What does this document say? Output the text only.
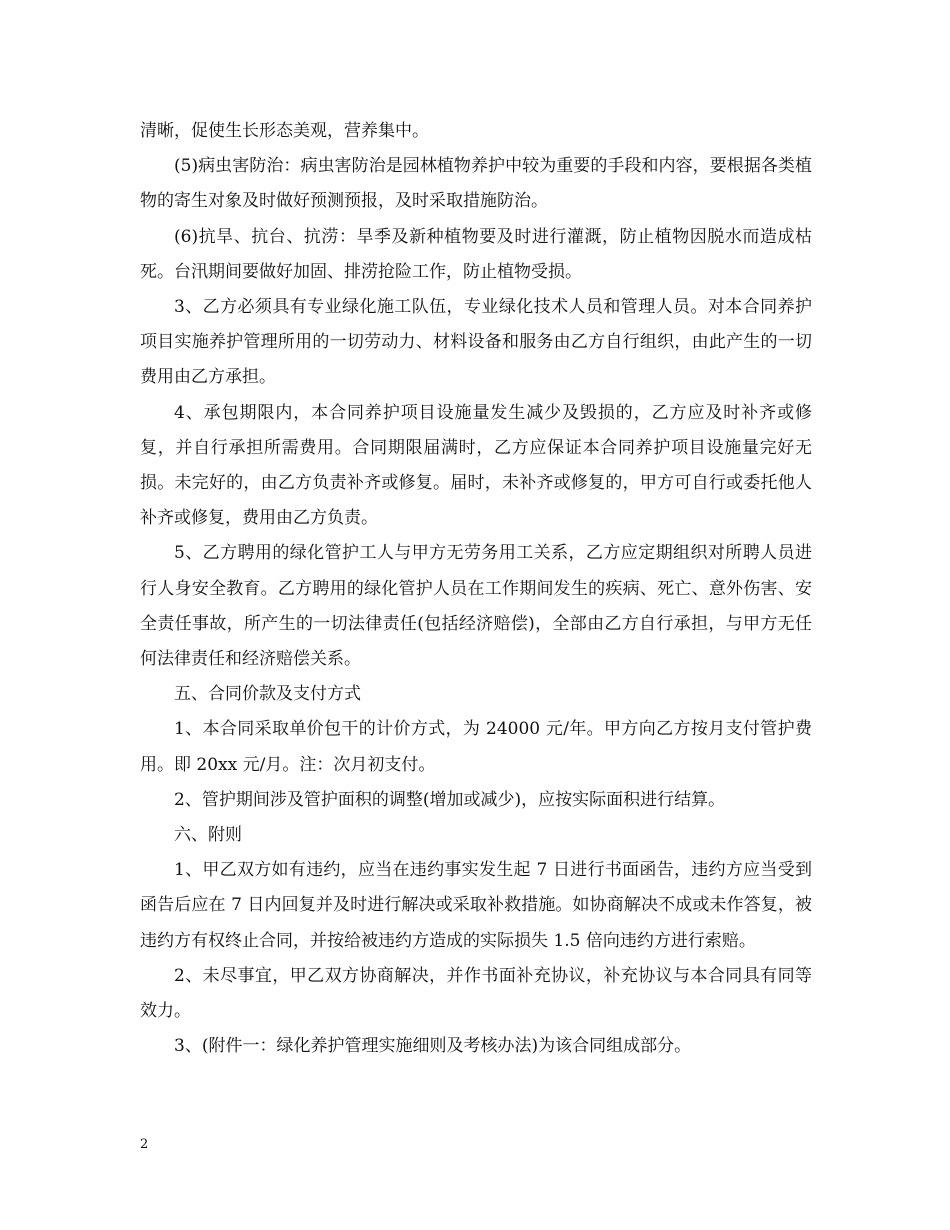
清晰，促使生长形态美观，营养集中。

(5)病虫害防治：病虫害防治是园林植物养护中较为重要的手段和内容，要根据各类植物的寄生对象及时做好预测预报，及时采取措施防治。

(6)抗旱、抗台、抗涝：旱季及新种植物要及时进行灌溉，防止植物因脱水而造成枯死。台汛期间要做好加固、排涝抢险工作，防止植物受损。

3、乙方必须具有专业绿化施工队伍，专业绿化技术人员和管理人员。对本合同养护项目实施养护管理所用的一切劳动力、材料设备和服务由乙方自行组织，由此产生的一切费用由乙方承担。

4、承包期限内，本合同养护项目设施量发生减少及毁损的，乙方应及时补齐或修复，并自行承担所需费用。合同期限届满时，乙方应保证本合同养护项目设施量完好无损。未完好的，由乙方负责补齐或修复。届时，未补齐或修复的，甲方可自行或委托他人补齐或修复，费用由乙方负责。

5、乙方聘用的绿化管护工人与甲方无劳务用工关系，乙方应定期组织对所聘人员进行人身安全教育。乙方聘用的绿化管护人员在工作期间发生的疾病、死亡、意外伤害、安全责任事故，所产生的一切法律责任(包括经济赔偿)，全部由乙方自行承担，与甲方无任何法律责任和经济赔偿关系。

五、合同价款及支付方式

1、本合同采取单价包干的计价方式，为 24000 元/年。甲方向乙方按月支付管护费用。即 20xx 元/月。注：次月初支付。

2、管护期间涉及管护面积的调整(增加或减少)，应按实际面积进行结算。

六、附则

1、甲乙双方如有违约，应当在违约事实发生起 7 日进行书面函告，违约方应当受到函告后应在 7 日内回复并及时进行解决或采取补救措施。如协商解决不成或未作答复，被违约方有权终止合同，并按给被违约方造成的实际损失 1.5 倍向违约方进行索赔。

2、未尽事宜，甲乙双方协商解决，并作书面补充协议，补充协议与本合同具有同等效力。

3、(附件一：绿化养护管理实施细则及考核办法)为该合同组成部分。

2
